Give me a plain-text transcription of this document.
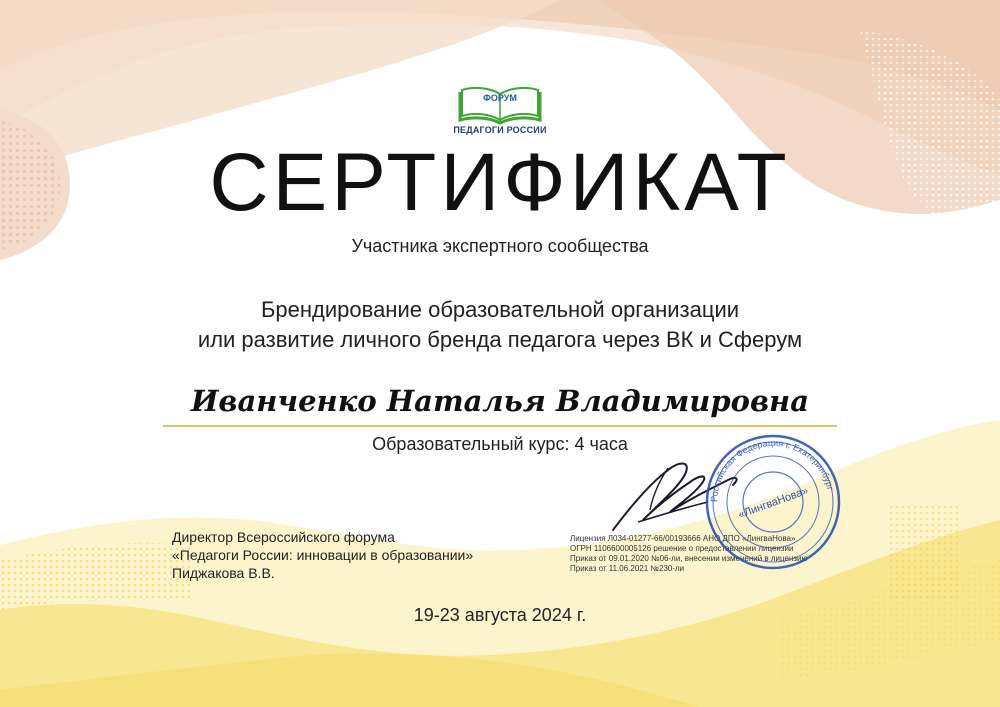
ФОРУМ
ПЕДАГОГИ РОССИИ
СЕРТИФИКАТ
Участника экспертного сообщества
Брендирование образовательной организации
или развитие личного бренда педагога через ВК и Сферум
Иванченко Наталья Владимировна
Образовательный курс: 4 часа
Директор Всероссийского форума
«Педагоги России: инновации в образовании»
Пиджакова В.В.
Лицензия Л034-01277-66/00193666 АНО ДПО «ЛингваНова»
ОГРН 1106600005126 решение о предоставлении лицензии
Приказ от 09.01.2020 №06-ли, внесении изменений в лицензию
Приказ от 11.06.2021 №230-ли
Российская Федерация г. Екатеринбург
«ЛингваНова»
19-23 августа 2024 г.
